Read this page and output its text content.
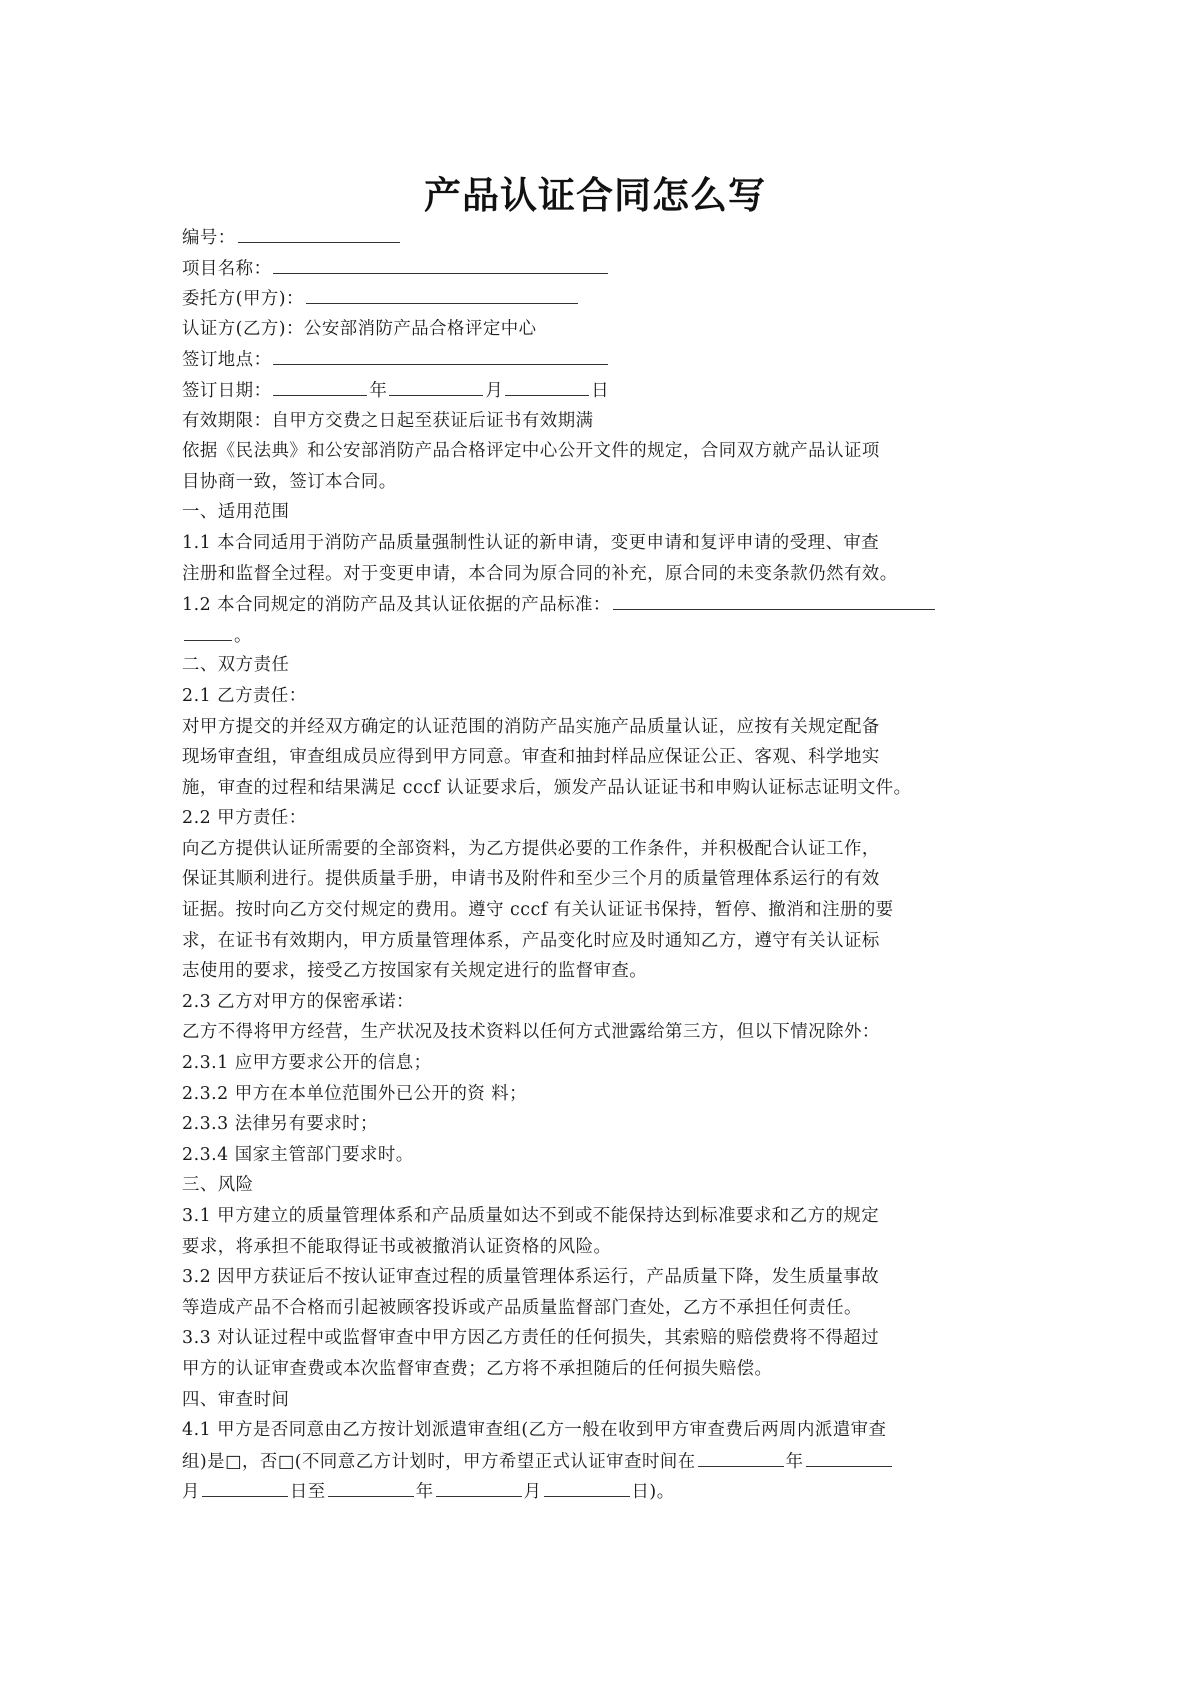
产品认证合同怎么写
编号：
项目名称：
委托方(甲方)：
认证方(乙方)：公安部消防产品合格评定中心
签订地点：
签订日期：	年	月	日
有效期限：自甲方交费之日起至获证后证书有效期满
依据《民法典》和公安部消防产品合格评定中心公开文件的规定，合同双方就产品认证项
目协商一致，签订本合同。
一、适用范围
1.1 本合同适用于消防产品质量强制性认证的新申请，变更申请和复评申请的受理、审查
注册和监督全过程。对于变更申请，本合同为原合同的补充，原合同的未变条款仍然有效。
1.2 本合同规定的消防产品及其认证依据的产品标准：
。
二、双方责任
2.1 乙方责任：
对甲方提交的并经双方确定的认证范围的消防产品实施产品质量认证，应按有关规定配备
现场审查组，审查组成员应得到甲方同意。审查和抽封样品应保证公正、客观、科学地实
施，审查的过程和结果满足 cccf 认证要求后，颁发产品认证证书和申购认证标志证明文件。
2.2 甲方责任：
向乙方提供认证所需要的全部资料，为乙方提供必要的工作条件，并积极配合认证工作，
保证其顺利进行。提供质量手册，申请书及附件和至少三个月的质量管理体系运行的有效
证据。按时向乙方交付规定的费用。遵守 cccf 有关认证证书保持，暂停、撤消和注册的要
求，在证书有效期内，甲方质量管理体系，产品变化时应及时通知乙方，遵守有关认证标
志使用的要求，接受乙方按国家有关规定进行的监督审查。
2.3 乙方对甲方的保密承诺：
乙方不得将甲方经营，生产状况及技术资料以任何方式泄露给第三方，但以下情况除外：
2.3.1 应甲方要求公开的信息；
2.3.2 甲方在本单位范围外已公开的资 料；
2.3.3 法律另有要求时；
2.3.4 国家主管部门要求时。
三、风险
3.1 甲方建立的质量管理体系和产品质量如达不到或不能保持达到标准要求和乙方的规定
要求，将承担不能取得证书或被撤消认证资格的风险。
3.2 因甲方获证后不按认证审查过程的质量管理体系运行，产品质量下降，发生质量事故
等造成产品不合格而引起被顾客投诉或产品质量监督部门查处，乙方不承担任何责任。
3.3 对认证过程中或监督审查中甲方因乙方责任的任何损失，其索赔的赔偿费将不得超过
甲方的认证审查费或本次监督审查费；乙方将不承担随后的任何损失赔偿。
四、审查时间
4.1 甲方是否同意由乙方按计划派遣审查组(乙方一般在收到甲方审查费后两周内派遣审查
组)是□，否□(不同意乙方计划时，甲方希望正式认证审查时间在	年
月	日至	年	月	日)。
